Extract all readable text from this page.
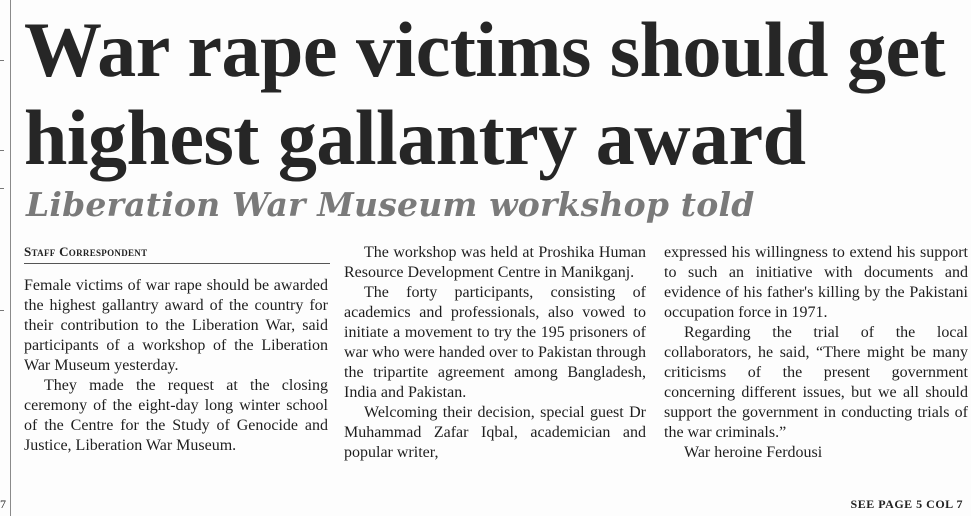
7
War rape victims should get
highest gallantry award
Liberation War Museum workshop told
Staff Correspondent

Female victims of war rape should be awarded the highest gallantry award of the country for their contribution to the Liberation War, said participants of a workshop of the Liberation War Museum yesterday.

They made the request at the closing ceremony of the eight-day long winter school of the Centre for the Study of Genocide and Justice, Liberation War Museum.

The workshop was held at Proshika Human Resource Development Centre in Manikganj.

The forty participants, consisting of academics and professionals, also vowed to initiate a movement to try the 195 prisoners of war who were handed over to Pakistan through the tripartite agreement among Bangladesh, India and Pakistan.

Welcoming their decision, special guest Dr Muhammad Zafar Iqbal, academician and popular writer,

expressed his willingness to extend his support to such an initiative with documents and evidence of his father's killing by the Pakistani occupation force in 1971.

Regarding the trial of the local collaborators, he said, “There might be many criticisms of the present government concerning different issues, but we all should support the government in conducting trials of the war criminals.”

War heroine Ferdousi

SEE PAGE 5 COL 7
